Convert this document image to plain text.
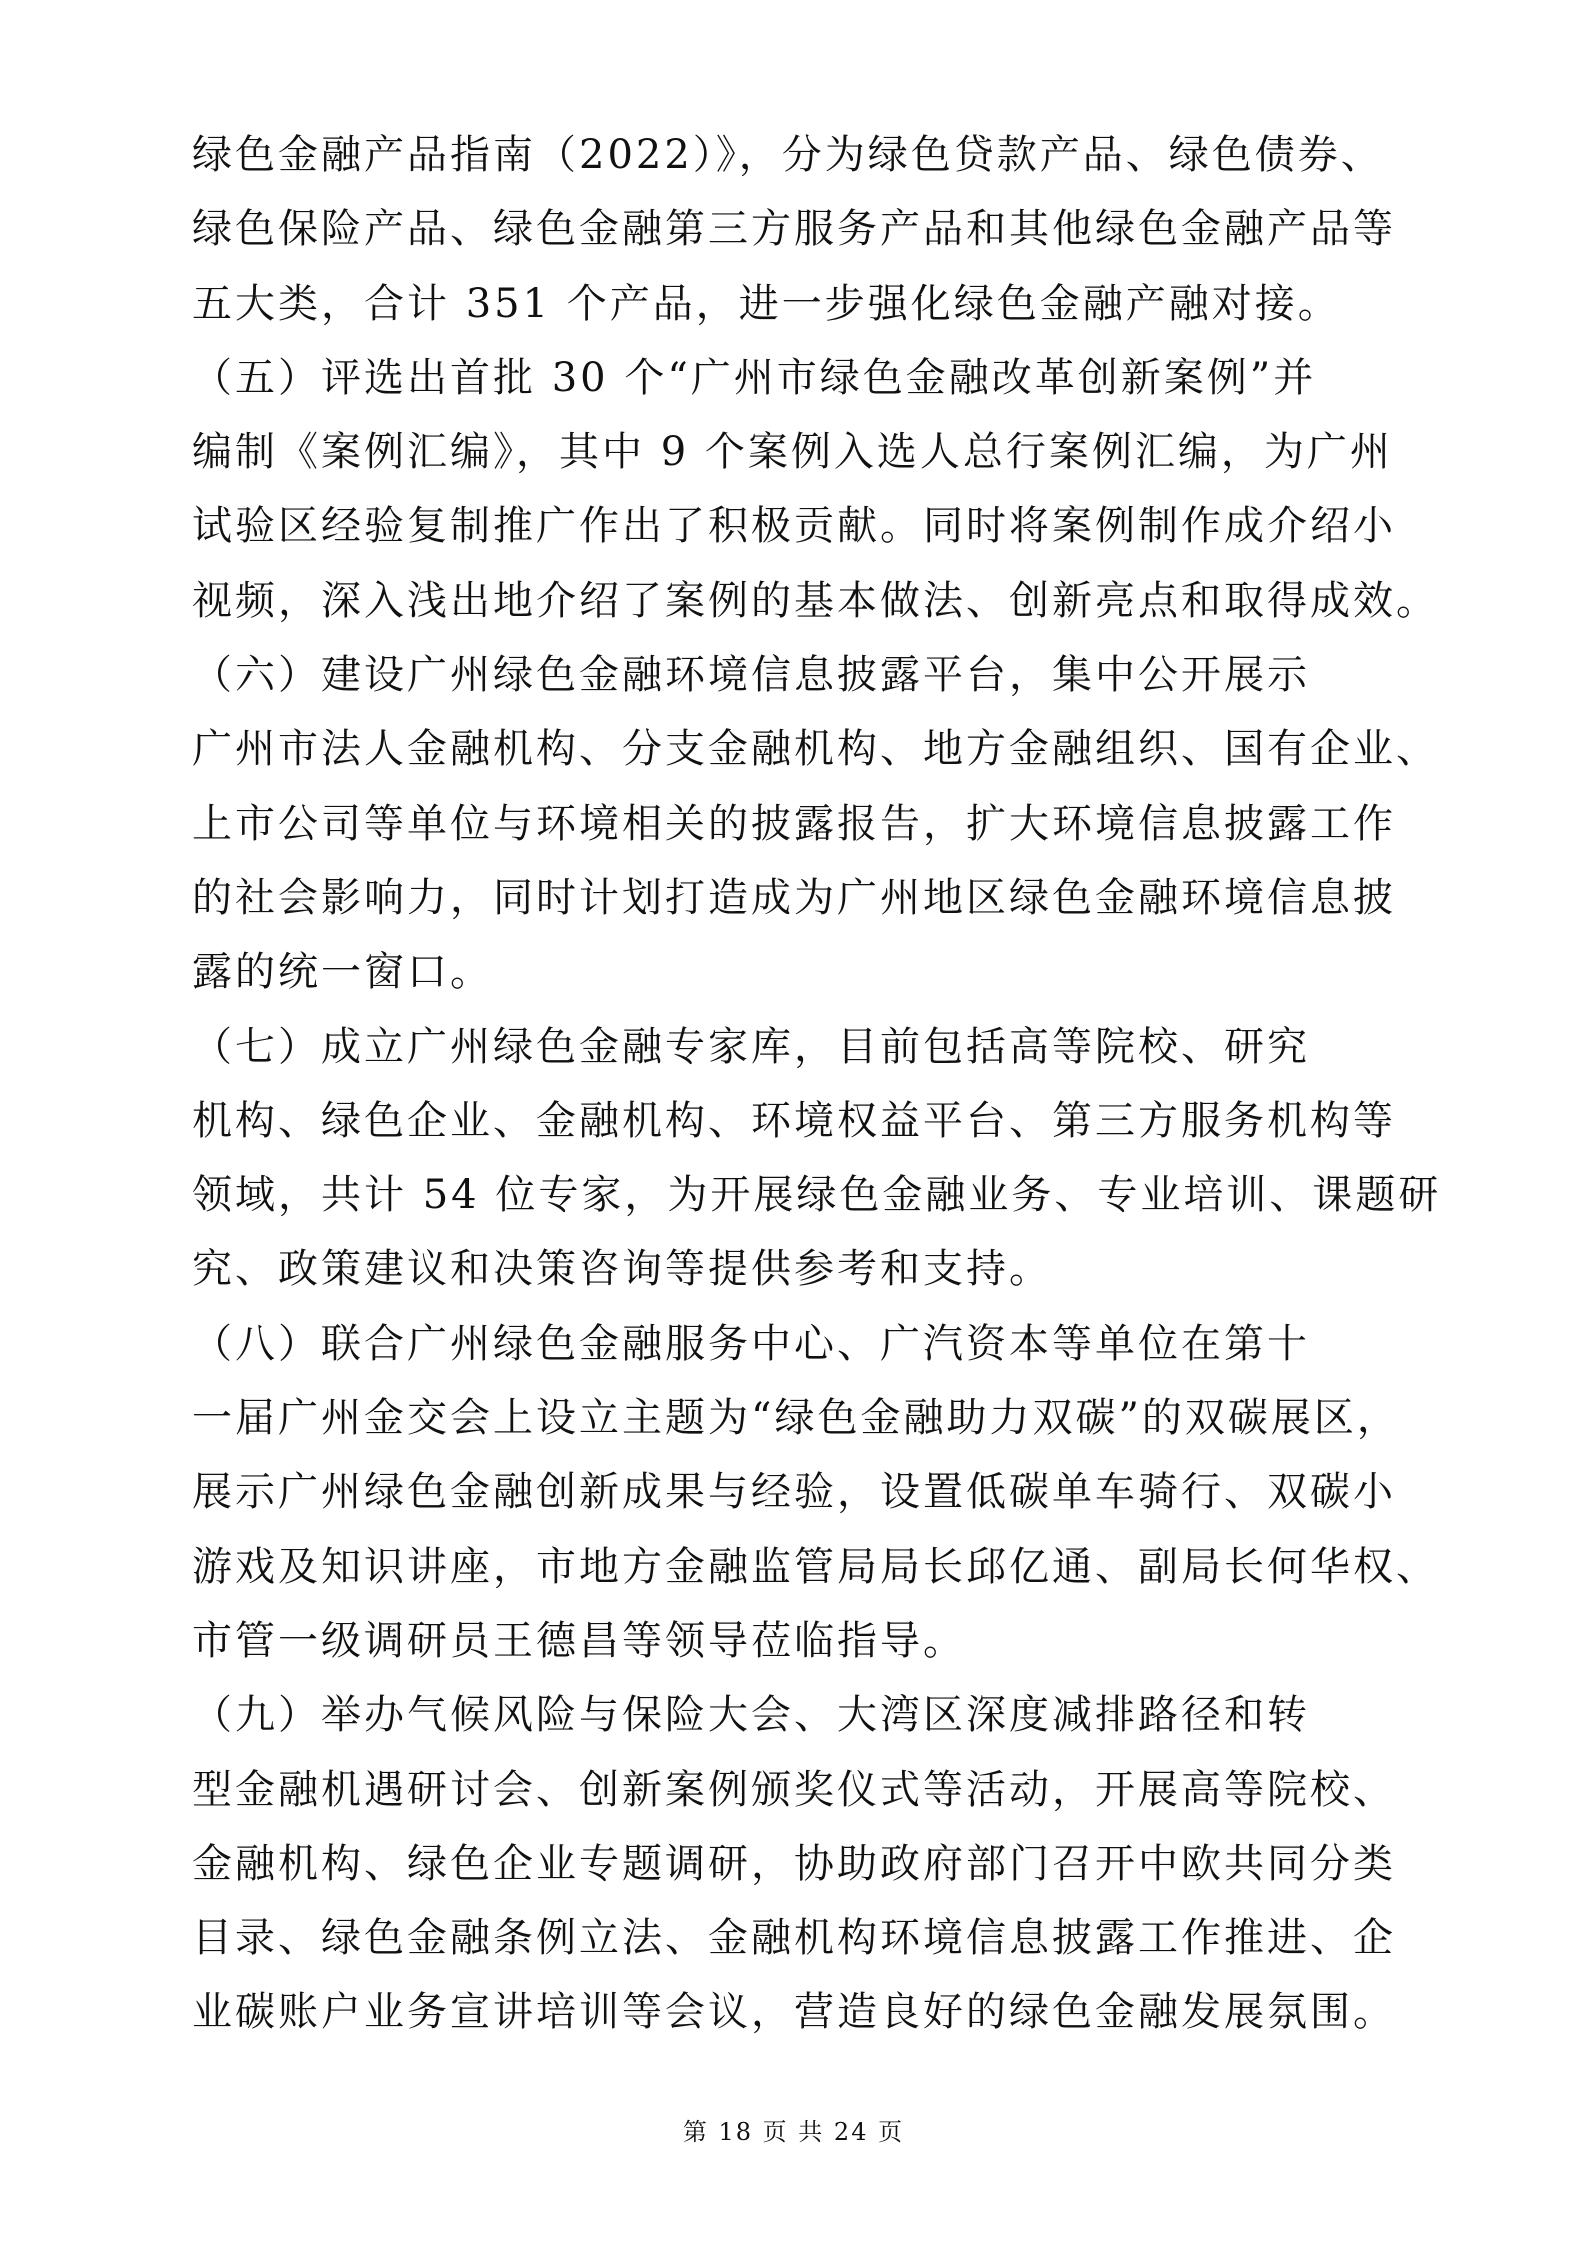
绿色金融产品指南（2022）》，分为绿色贷款产品、绿色债券、
绿色保险产品、绿色金融第三方服务产品和其他绿色金融产品等
五大类，合计 351 个产品，进一步强化绿色金融产融对接。
（五）评选出首批 30 个“广州市绿色金融改革创新案例”并
编制《案例汇编》，其中 9 个案例入选人总行案例汇编，为广州
试验区经验复制推广作出了积极贡献。同时将案例制作成介绍小
视频，深入浅出地介绍了案例的基本做法、创新亮点和取得成效。
（六）建设广州绿色金融环境信息披露平台，集中公开展示
广州市法人金融机构、分支金融机构、地方金融组织、国有企业、
上市公司等单位与环境相关的披露报告，扩大环境信息披露工作
的社会影响力，同时计划打造成为广州地区绿色金融环境信息披
露的统一窗口。
（七）成立广州绿色金融专家库，目前包括高等院校、研究
机构、绿色企业、金融机构、环境权益平台、第三方服务机构等
领域，共计 54 位专家，为开展绿色金融业务、专业培训、课题研
究、政策建议和决策咨询等提供参考和支持。
（八）联合广州绿色金融服务中心、广汽资本等单位在第十
一届广州金交会上设立主题为“绿色金融助力双碳”的双碳展区，
展示广州绿色金融创新成果与经验，设置低碳单车骑行、双碳小
游戏及知识讲座，市地方金融监管局局长邱亿通、副局长何华权、
市管一级调研员王德昌等领导莅临指导。
（九）举办气候风险与保险大会、大湾区深度减排路径和转
型金融机遇研讨会、创新案例颁奖仪式等活动，开展高等院校、
金融机构、绿色企业专题调研，协助政府部门召开中欧共同分类
目录、绿色金融条例立法、金融机构环境信息披露工作推进、企
业碳账户业务宣讲培训等会议，营造良好的绿色金融发展氛围。
第 18 页 共 24 页
